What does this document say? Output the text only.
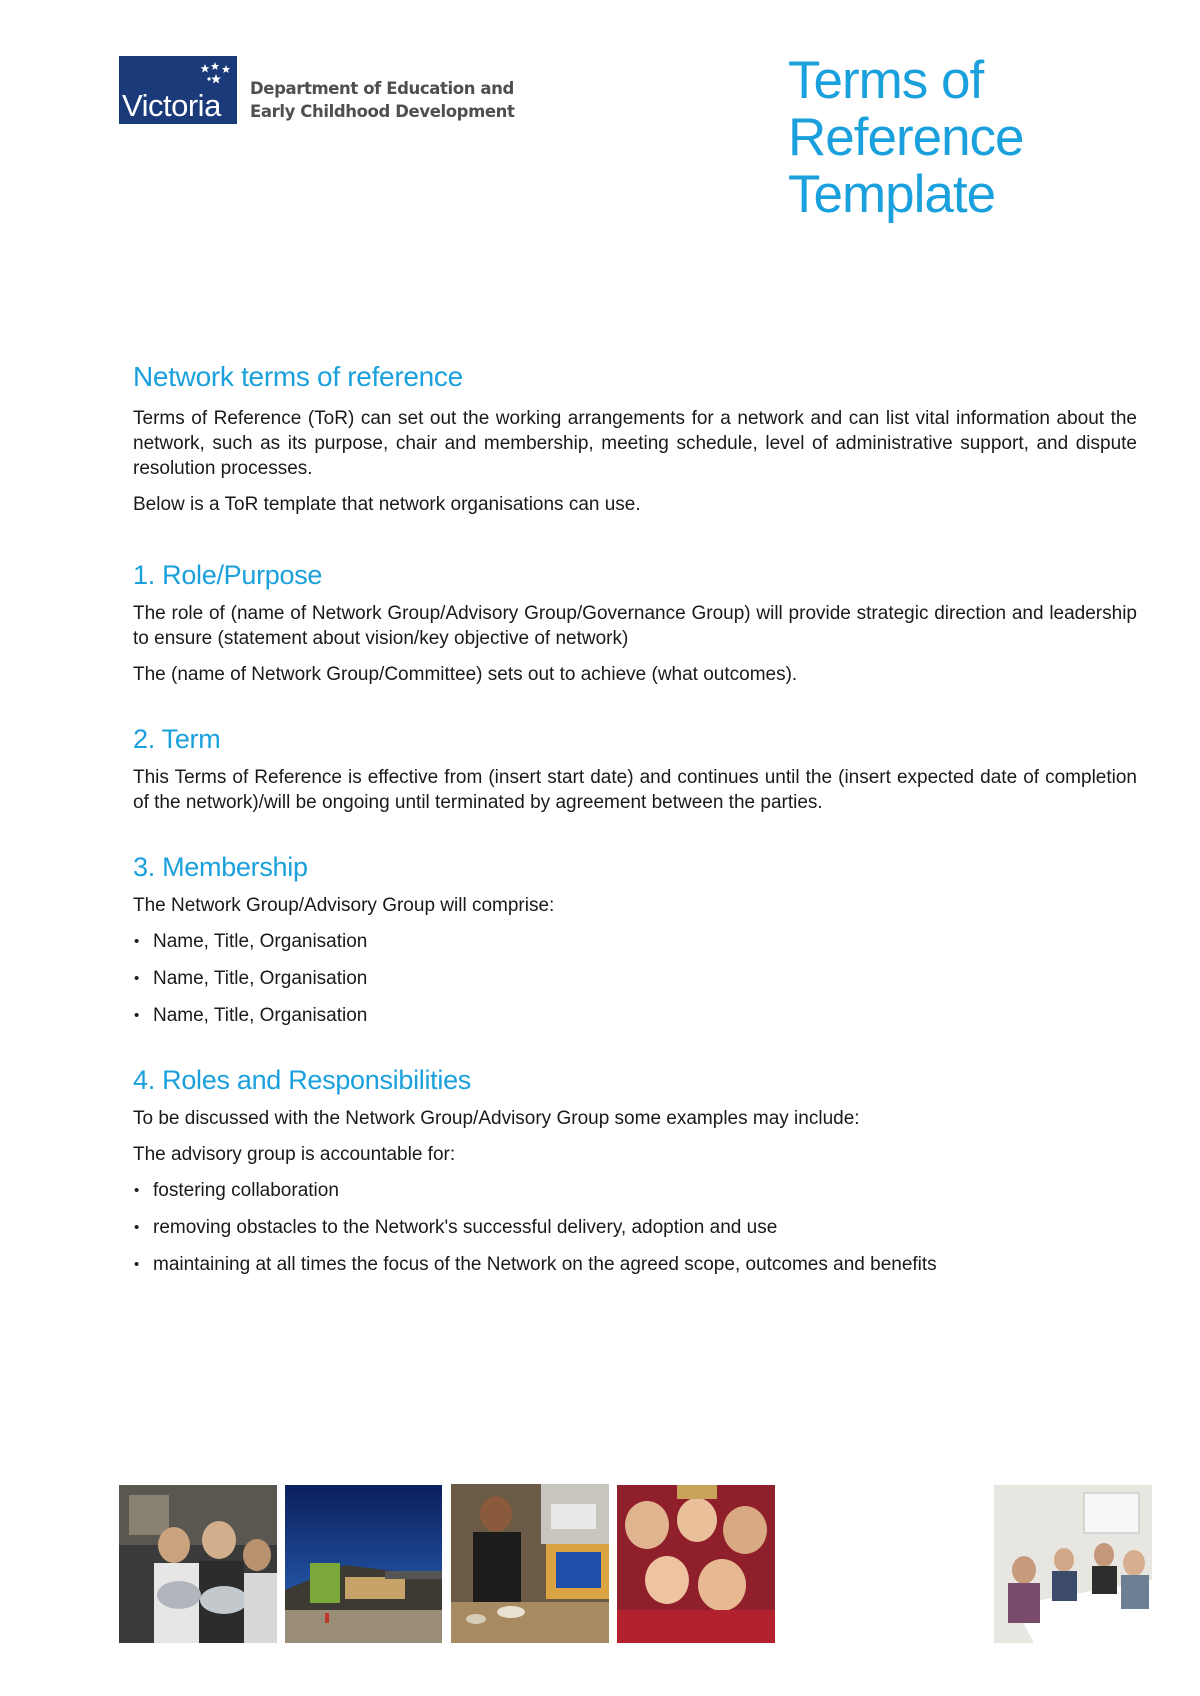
Victoria Department of Education and
Early Childhood Development
Terms of
Reference
Template
Network terms of reference

Terms of Reference (ToR) can set out the working arrangements for a network and can list vital information about the network, such as its purpose, chair and membership, meeting schedule, level of administrative support, and dispute resolution processes.

Below is a ToR template that network organisations can use.

1. Role/Purpose

The role of (name of Network Group/Advisory Group/Governance Group) will provide strategic direction and leadership to ensure (statement about vision/key objective of network)

The (name of Network Group/Committee) sets out to achieve (what outcomes).

2. Term

This Terms of Reference is effective from (insert start date) and continues until the (insert expected date of completion of the network)/will be ongoing until terminated by agreement between the parties.

3. Membership

The Network Group/Advisory Group will comprise:

• Name, Title, Organisation
• Name, Title, Organisation
• Name, Title, Organisation
4. Roles and Responsibilities

To be discussed with the Network Group/Advisory Group some examples may include:

The advisory group is accountable for:

• fostering collaboration
• removing obstacles to the Network's successful delivery, adoption and use
• maintaining at all times the focus of the Network on the agreed scope, outcomes and benefits
